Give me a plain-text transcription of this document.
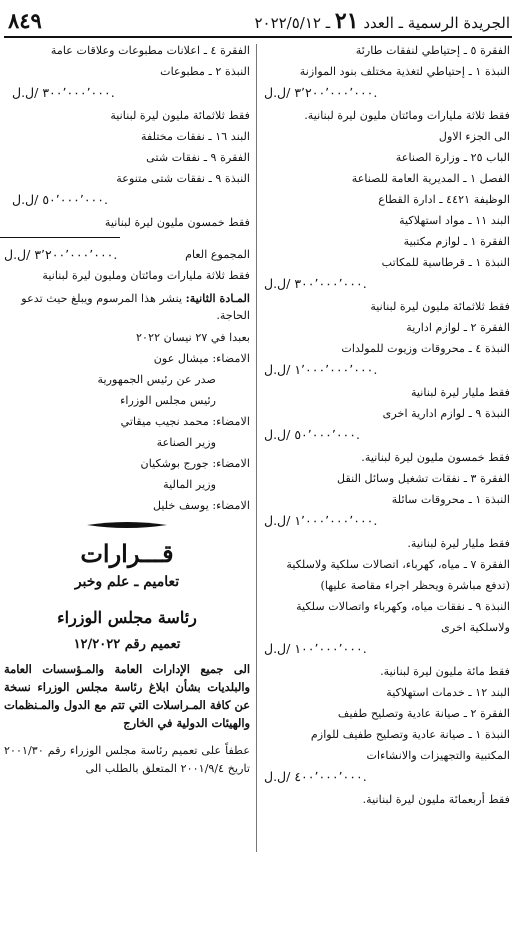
الجريدة الرسمية ـ العدد ٢١ ـ ٢٠٢٢/٥/١٢
٨٤٩
الفقرة ٥ ـ إحتياطي لنفقات طارئة
النبذة ١ ـ إحتياطي لتغذية مختلف بنود الموازنة
٣٬٢٠٠٬٠٠٠٬٠٠٠ /ل.ل.
فقط ثلاثة مليارات ومائتان مليون ليرة لبنانية.
الى الجزء الاول
الباب ٢٥ ـ وزارة الصناعة
الفصل ١ ـ المديرية العامة للصناعة
الوظيفة ٤٤٢١ ـ ادارة القطاع
البند ١١ ـ مواد استهلاكية
الفقرة ١ ـ لوازم مكتبية
النبذة ١ ـ قرطاسية للمكاتب
٣٠٠٬٠٠٠٬٠٠٠ /ل.ل.
فقط ثلاثمائة مليون ليرة لبنانية
الفقرة ٢ ـ لوازم ادارية
النبذة ٤ ـ محروقات وزيوت للمولدات
١٬٠٠٠٬٠٠٠٬٠٠٠ /ل.ل.
فقط مليار ليرة لبنانية
النبذة ٩ ـ لوازم ادارية اخرى
٥٠٬٠٠٠٬٠٠٠ /ل.ل.
فقط خمسون مليون ليرة لبنانية.
الفقرة ٣ ـ نفقات تشغيل وسائل النقل
النبذة ١ ـ محروقات سائلة
١٬٠٠٠٬٠٠٠٬٠٠٠ /ل.ل.
فقط مليار ليرة لبنانية.
الفقرة ٧ ـ مياه، كهرباء، اتصالات سلكية ولاسلكية
(تدفع مباشرة ويحظر اجراء مقاصة عليها)
النبذة ٩ ـ نفقات مياه، وكهرباء واتصالات سلكية
ولاسلكية اخرى
١٠٠٬٠٠٠٬٠٠٠ /ل.ل.
فقط مائة مليون ليرة لبنانية.
البند ١٢ ـ خدمات استهلاكية
الفقرة ٢ ـ صيانة عادية وتصليح طفيف
النبذة ١ ـ صيانة عادية وتصليح طفيف للوازم
المكتبية والتجهيزات والانشاءات
٤٠٠٬٠٠٠٬٠٠٠ /ل.ل.
فقط أربعمائة مليون ليرة لبنانية.
الفقرة ٤ ـ اعلانات مطبوعات وعلاقات عامة
النبذة ٢ ـ مطبوعات
٣٠٠٬٠٠٠٬٠٠٠ /ل.ل.
فقط ثلاثمائة مليون ليرة لبنانية
البند ١٦ ـ نفقات مختلفة
الفقرة ٩ ـ نفقات شتى
النبذة ٩ ـ نفقات شتى متنوعة
٥٠٬٠٠٠٬٠٠٠ /ل.ل.
فقط خمسون مليون ليرة لبنانية
المجموع العام
٣٬٢٠٠٬٠٠٠٬٠٠٠ /ل.ل.
فقط ثلاثة مليارات ومائتان ومليون ليرة لبنانية
المـادة الثانية: ينشر هذا المرسوم ويبلغ حيث تدعو الحاجة.
بعبدا في ٢٧ نيسان ٢٠٢٢
الامضاء: ميشال عون
صدر عن رئيس الجمهورية
رئيس مجلس الوزراء
الامضاء: محمد نجيب ميقاتي
وزير الصناعة
الامضاء: جورج بوشكيان
وزير المالية
الامضاء: يوسف خليل
قـــرارات
تعاميم ـ علم وخبر
رئاسة مجلس الوزراء
تعميم رقم ١٢/٢٠٢٢
الى جميع الإدارات العامة والمـؤسسات العامة والبلديات بشأن ابلاغ رئاسة مجلس الوزراء نسخة عن كافة المـراسلات التي تتم مع الدول والمـنظمات والهيئات الدولية في الخارج
عطفاً على تعميم رئاسة مجلس الوزراء رقم ٢٠٠١/٣٠ تاريخ ٢٠٠١/٩/٤ المتعلق بالطلب الى
